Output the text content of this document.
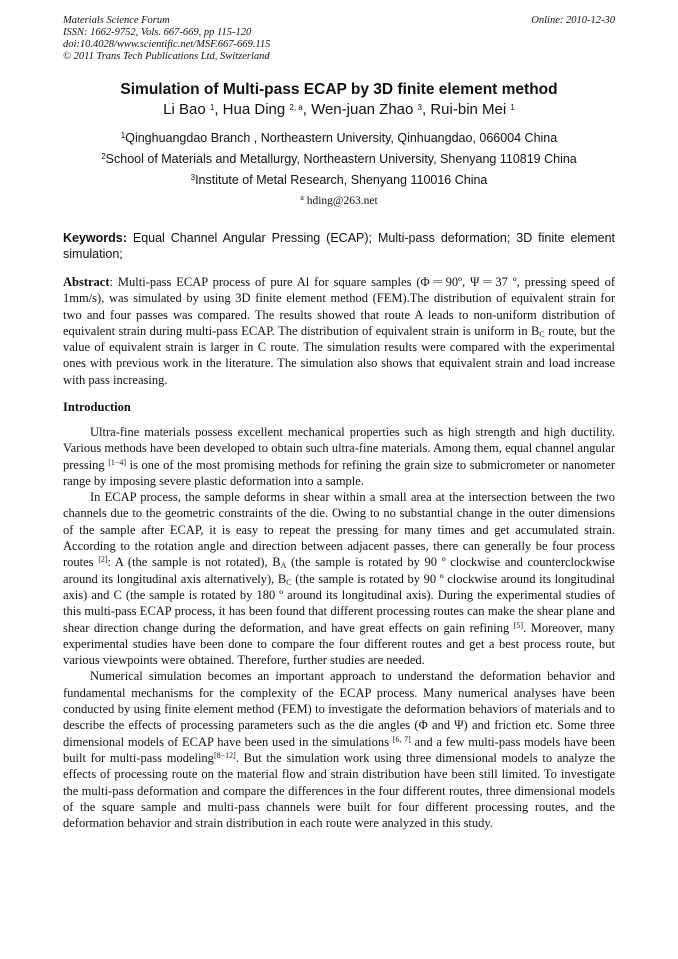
Materials Science Forum
ISSN: 1662-9752, Vols. 667-669, pp 115-120
doi:10.4028/www.scientific.net/MSF.667-669.115
© 2011 Trans Tech Publications Ltd, Switzerland
Online: 2010-12-30
Simulation of Multi-pass ECAP by 3D finite element method
Li Bao $^1$, Hua Ding $^{2, a}$, Wen-juan Zhao $^3$, Rui-bin Mei $^1$
$^1$Qinghuangdao Branch , Northeastern University, Qinhuangdao, 066004 China
$^2$School of Materials and Metallurgy, Northeastern University, Shenyang 110819 China
$^3$Institute of Metal Research, Shenyang 110016 China
$^a$ hding@263.net
Keywords: Equal Channel Angular Pressing (ECAP); Multi-pass deformation; 3D finite element simulation;
Abstract: Multi-pass ECAP process of pure Al for square samples (Φ＝90º, Ψ＝37 º, pressing speed of 1mm/s), was simulated by using 3D finite element method (FEM).The distribution of equivalent strain for two and four passes was compared. The results showed that route A leads to non-uniform distribution of equivalent strain during multi-pass ECAP. The distribution of equivalent strain is uniform in $B_C$ route, but the value of equivalent strain is larger in C route. The simulation results were compared with the experimental ones with previous work in the literature. The simulation also shows that equivalent strain and load increase with pass increasing.
Introduction

Ultra-fine materials possess excellent mechanical properties such as high strength and high ductility. Various methods have been developed to obtain such ultra-fine materials. Among them, equal channel angular pressing [1−4] is one of the most promising methods for refining the grain size to submicrometer or nanometer range by imposing severe plastic deformation into a sample.

In ECAP process, the sample deforms in shear within a small area at the intersection between the two channels due to the geometric constraints of the die. Owing to no substantial change in the outer dimensions of the sample after ECAP, it is easy to repeat the pressing for many times and get accumulated strain. According to the rotation angle and direction between adjacent passes, there can generally be four process routes [2]: A (the sample is not rotated), $B_A$ (the sample is rotated by 90 º clockwise and counterclockwise around its longitudinal axis alternatively), $B_C$ (the sample is rotated by 90 º clockwise around its longitudinal axis) and C (the sample is rotated by 180 º around its longitudinal axis). During the experimental studies of this multi-pass ECAP process, it has been found that different processing routes can make the shear plane and shear direction change during the deformation, and have great effects on gain refining [5]. Moreover, many experimental studies have been done to compare the four different routes and get a best process route, but various viewpoints were obtained. Therefore, further studies are needed.

Numerical simulation becomes an important approach to understand the deformation behavior and fundamental mechanisms for the complexity of the ECAP process. Many numerical analyses have been conducted by using finite element method (FEM) to investigate the deformation behaviors of materials and to describe the effects of processing parameters such as the die angles (Φ and Ψ) and friction etc. Some three dimensional models of ECAP have been used in the simulations [6, 7] and a few multi-pass models have been built for multi-pass modeling[8−12]. But the simulation work using three dimensional models to analyze the effects of processing route on the material flow and strain distribution have been still limited. To investigate the multi-pass deformation and compare the differences in the four different routes, three dimensional models of the square sample and multi-pass channels were built for four different processing routes, and the deformation behavior and strain distribution in each route were analyzed in this study.
